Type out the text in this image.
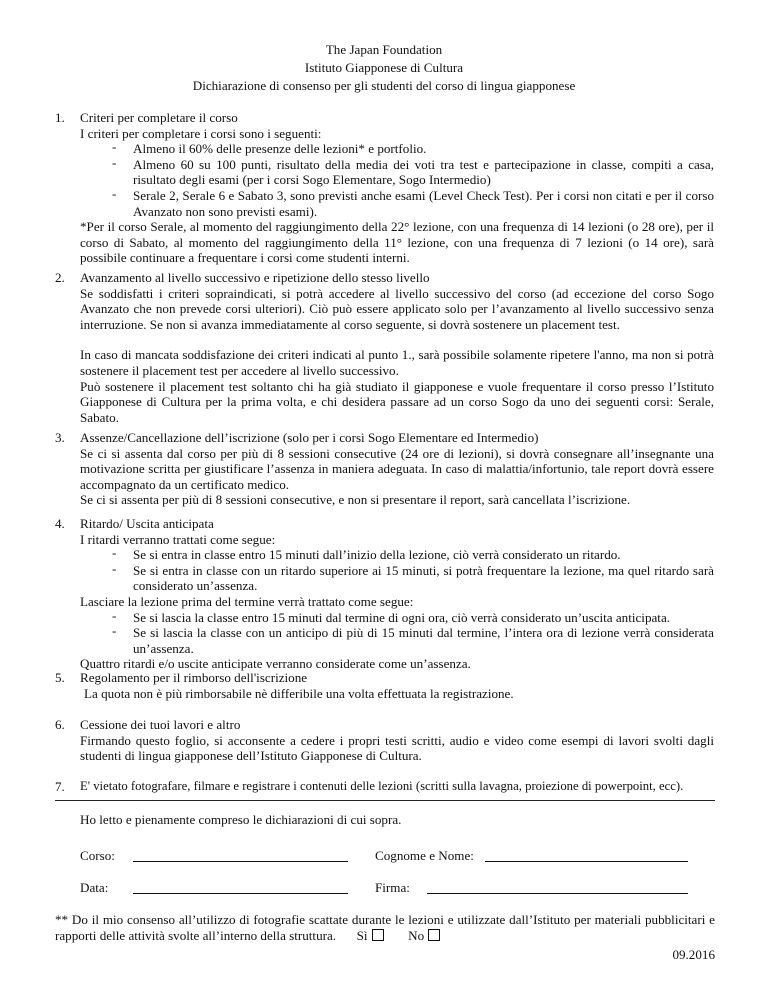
The Japan Foundation
Istituto Giapponese di Cultura
Dichiarazione di consenso per gli studenti del corso di lingua giapponese
1.	Criteri per completare il corso

I criteri per completare i corsi sono i seguenti:

- Almeno il 60% delle presenze delle lezioni* e portfolio.

- Almeno 60 su 100 punti, risultato della media dei voti tra test e partecipazione in classe, compiti a casa, risultato degli esami (per i corsi Sogo Elementare, Sogo Intermedio)

- Serale 2, Serale 6 e Sabato 3, sono previsti anche esami (Level Check Test). Per i corsi non citati e per il corso Avanzato non sono previsti esami).

*Per il corso Serale, al momento del raggiungimento della 22° lezione, con una frequenza di 14 lezioni (o 28 ore), per il corso di Sabato, al momento del raggiungimento della 11° lezione, con una frequenza di 7 lezioni (o 14 ore), sarà possibile continuare a frequentare i corsi come studenti interni.

2.	Avanzamento al livello successivo e ripetizione dello stesso livello

Se soddisfatti i criteri sopraindicati, si potrà accedere al livello successivo del corso (ad eccezione del corso Sogo Avanzato che non prevede corsi ulteriori). Ciò può essere applicato solo per l’avanzamento al livello successivo senza interruzione. Se non si avanza immediatamente al corso seguente, si dovrà sostenere un placement test.

In caso di mancata soddisfazione dei criteri indicati al punto 1., sarà possibile solamente ripetere l'anno, ma non si potrà sostenere il placement test per accedere al livello successivo.

Può sostenere il placement test soltanto chi ha già studiato il giapponese e vuole frequentare il corso presso l’Istituto Giapponese di Cultura per la prima volta, e chi desidera passare ad un corso Sogo da uno dei seguenti corsi: Serale, Sabato.

3.	Assenze/Cancellazione dell’iscrizione (solo per i corsi Sogo Elementare ed Intermedio)

Se ci si assenta dal corso per più di 8 sessioni consecutive (24 ore di lezioni), si dovrà consegnare all’insegnante una motivazione scritta per giustificare l’assenza in maniera adeguata. In caso di malattia/infortunio, tale report dovrà essere accompagnato da un certificato medico.

Se ci si assenta per più di 8 sessioni consecutive, e non si presentare il report, sarà cancellata l’iscrizione.

4.	Ritardo/ Uscita anticipata

I ritardi verranno trattati come segue:

- Se si entra in classe entro 15 minuti dall’inizio della lezione, ciò verrà considerato un ritardo.

- Se si entra in classe con un ritardo superiore ai 15 minuti, si potrà frequentare la lezione, ma quel ritardo sarà considerato un’assenza.

Lasciare la lezione prima del termine verrà trattato come segue:

- Se si lascia la classe entro 15 minuti dal termine di ogni ora, ciò verrà considerato un’uscita anticipata.

- Se si lascia la classe con un anticipo di più di 15 minuti dal termine, l’intera ora di lezione verrà considerata un’assenza.

Quattro ritardi e/o uscite anticipate verranno considerate come un’assenza.

5.	Regolamento per il rimborso dell'iscrizione

La quota non è più rimborsabile nè differibile una volta effettuata la registrazione.

6.	Cessione dei tuoi lavori e altro

Firmando questo foglio, si acconsente a cedere i propri testi scritti, audio e video come esempi di lavori svolti dagli studenti di lingua giapponese dell’Istituto Giapponese di Cultura.

7.	E' vietato fotografare, filmare e registrare i contenuti delle lezioni (scritti sulla lavagna, proiezione di powerpoint, ecc).
Ho letto e pienamente compreso le dichiarazioni di cui sopra.
Corso:	Cognome e Nome:
Data:	Firma:
** Do il mio consenso all’utilizzo di fotografie scattate durante le lezioni e utilizzate dall’Istituto per materiali pubblicitari e rapporti delle attività svolte all’interno della struttura. Sì	No
09.2016
